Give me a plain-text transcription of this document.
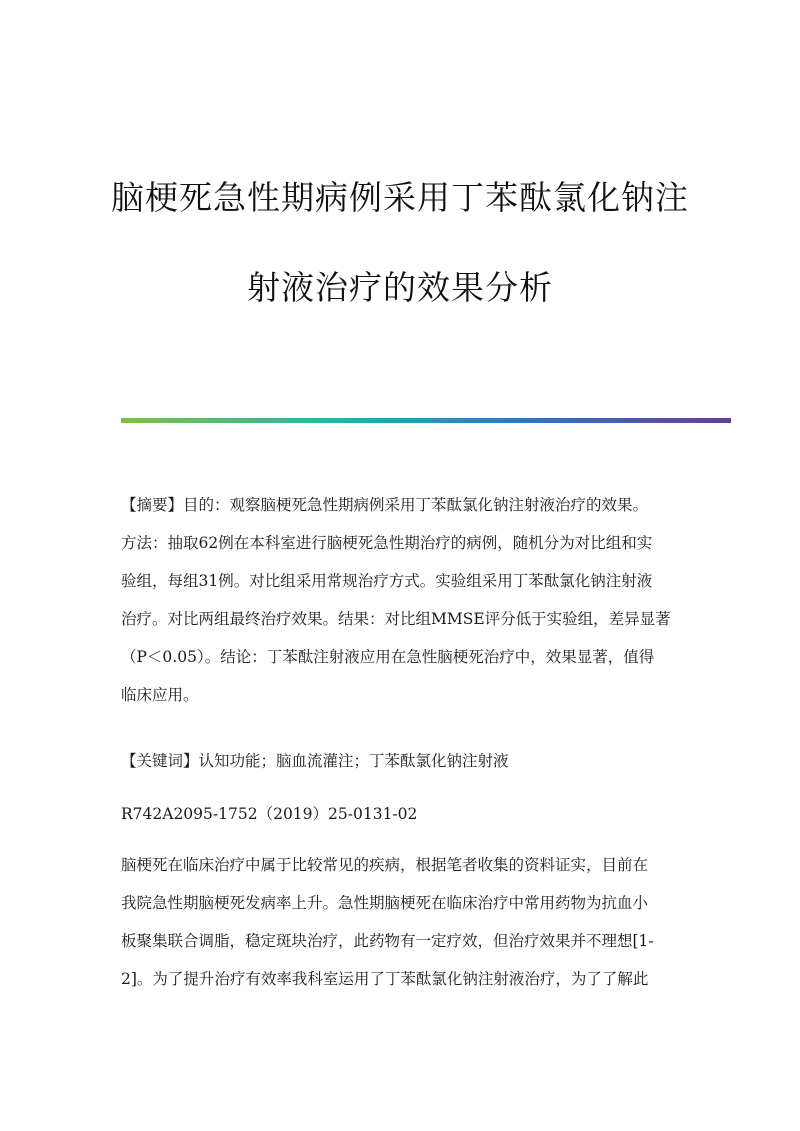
脑梗死急性期病例采用丁苯酞氯化钠注
射液治疗的效果分析
【摘要】目的：观察脑梗死急性期病例采用丁苯酞氯化钠注射液治疗的效果。
方法：抽取62例在本科室进行脑梗死急性期治疗的病例，随机分为对比组和实
验组，每组31例。对比组采用常规治疗方式。实验组采用丁苯酞氯化钠注射液
治疗。对比两组最终治疗效果。结果：对比组MMSE评分低于实验组，差异显著
（P＜0.05）。结论：丁苯酞注射液应用在急性脑梗死治疗中，效果显著，值得
临床应用。
【关键词】认知功能；脑血流灌注；丁苯酞氯化钠注射液
R742A2095-1752（2019）25-0131-02
脑梗死在临床治疗中属于比较常见的疾病，根据笔者收集的资料证实，目前在
我院急性期脑梗死发病率上升。急性期脑梗死在临床治疗中常用药物为抗血小
板聚集联合调脂，稳定斑块治疗，此药物有一定疗效，但治疗效果并不理想[1-
2]。为了提升治疗有效率我科室运用了丁苯酞氯化钠注射液治疗，为了了解此
